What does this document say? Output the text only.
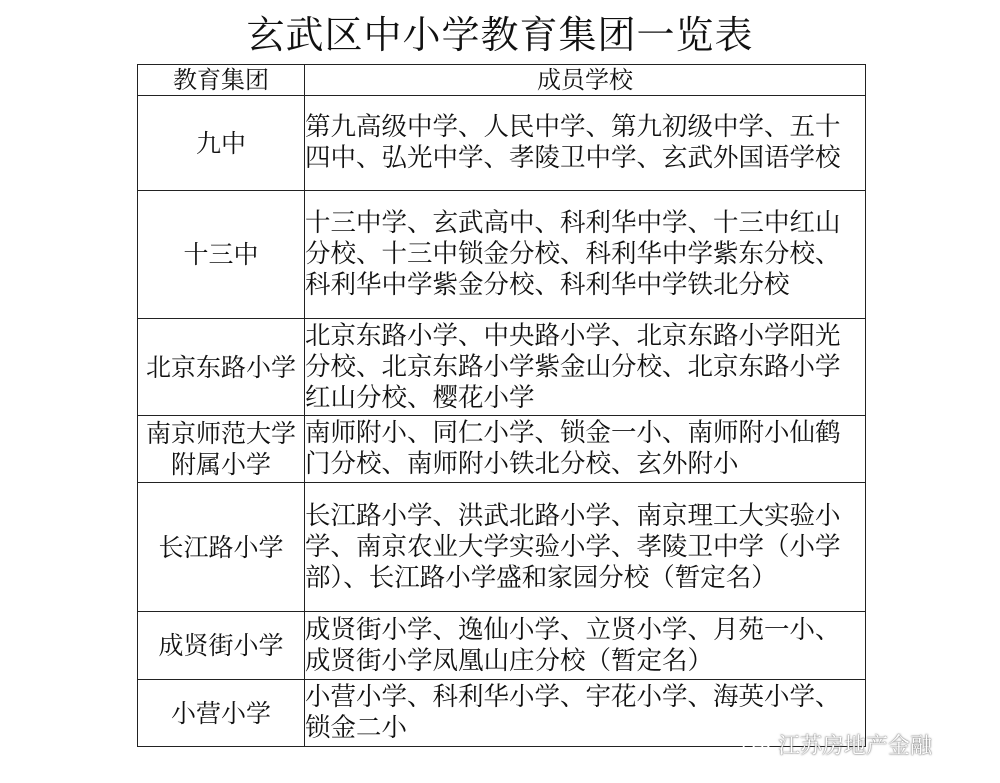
玄武区中小学教育集团一览表
教育集团	成员学校
九中	第九高级中学、人民中学、第九初级中学、五十四中、弘光中学、孝陵卫中学、玄武外国语学校
十三中	十三中学、玄武高中、科利华中学、十三中红山分校、十三中锁金分校、科利华中学紫东分校、科利华中学紫金分校、科利华中学铁北分校
北京东路小学	北京东路小学、中央路小学、北京东路小学阳光分校、北京东路小学紫金山分校、北京东路小学红山分校、樱花小学
南京师范大学附属小学	南师附小、同仁小学、锁金一小、南师附小仙鹤门分校、南师附小铁北分校、玄外附小
长江路小学	长江路小学、洪武北路小学、南京理工大实验小学、南京农业大学实验小学、孝陵卫中学（小学部）、长江路小学盛和家园分校（暂定名）
成贤街小学	成贤街小学、逸仙小学、立贤小学、月苑一小、成贤街小学凤凰山庄分校（暂定名）
小营小学	小营小学、科利华小学、宇花小学、海英小学、锁金二小
江苏房地产金融
